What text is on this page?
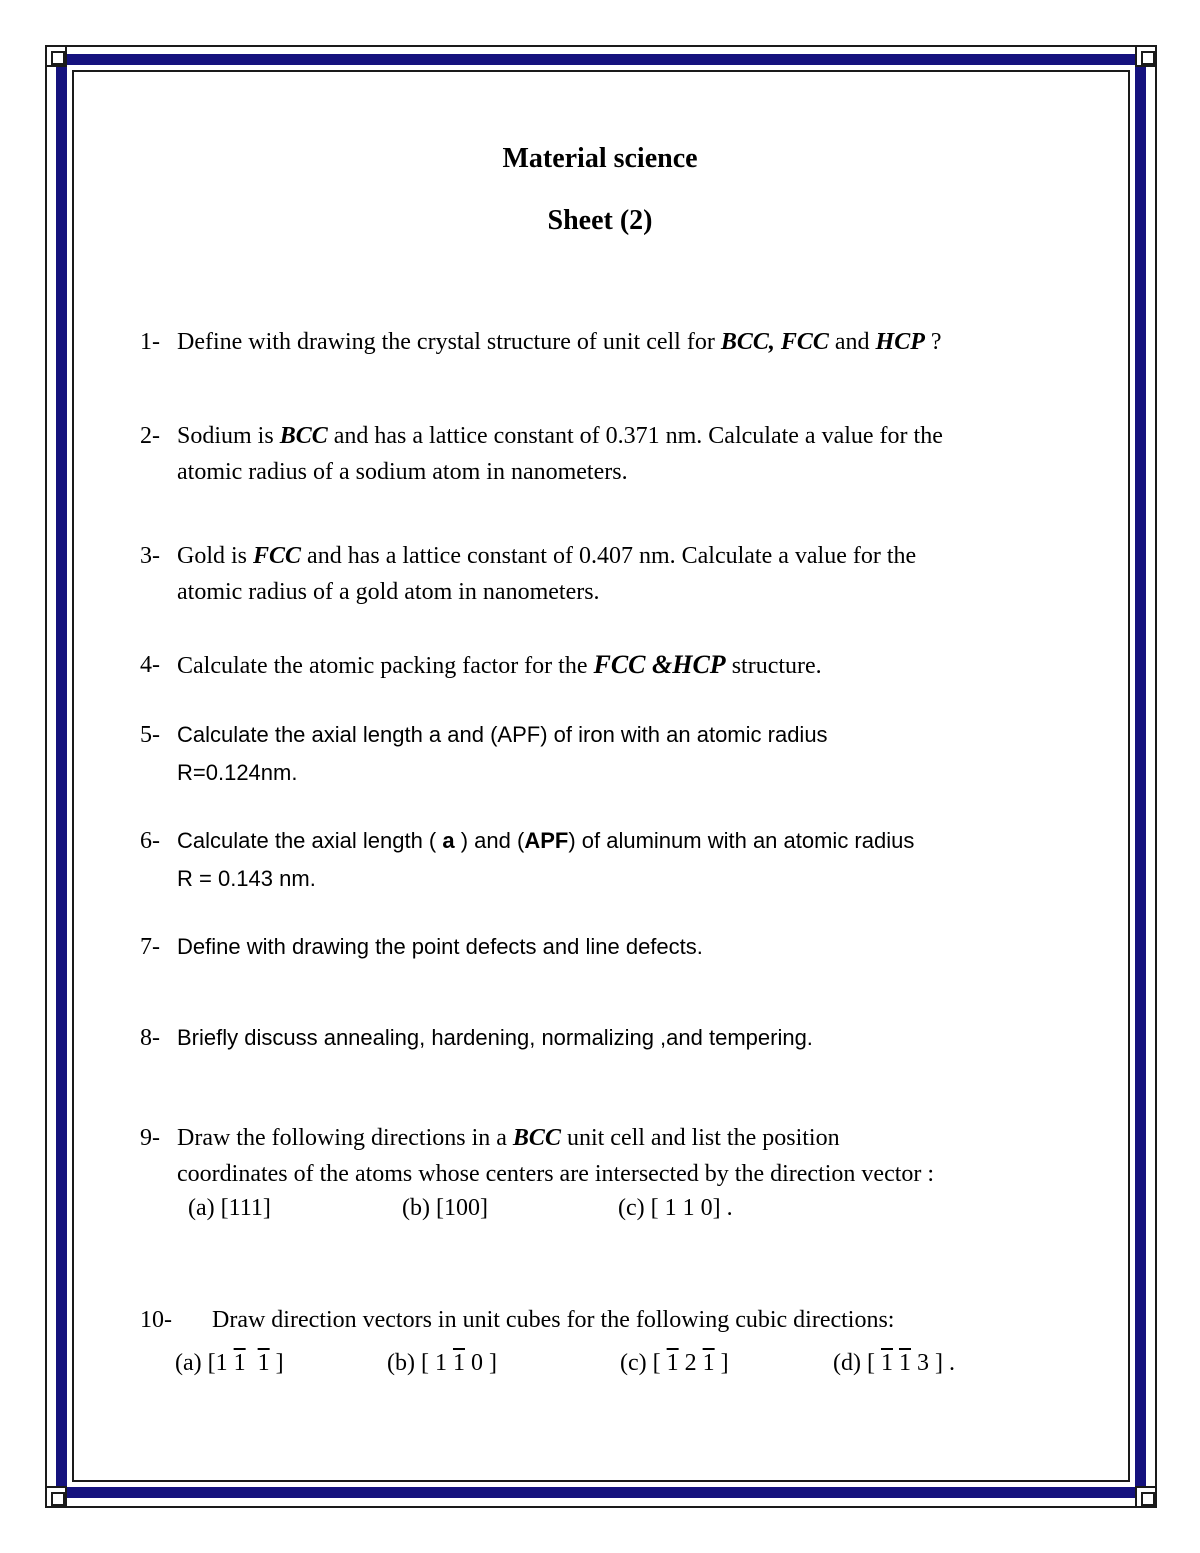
Material science
Sheet (2)
1- Define with drawing the crystal structure of unit cell for BCC, FCC and HCP ?
2- Sodium is BCC and has a lattice constant of 0.371 nm. Calculate a value for the
atomic radius of a sodium atom in nanometers.
3- Gold is FCC and has a lattice constant of 0.407 nm. Calculate a value for the
atomic radius of a gold atom in nanometers.
4- Calculate the atomic packing factor for the FCC &HCP structure.
5- Calculate the axial length a and (APF) of iron with an atomic radius
R=0.124nm.
6- Calculate the axial length ( a ) and (APF) of aluminum with an atomic radius
R = 0.143 nm.
7- Define with drawing the point defects and line defects.
8- Briefly discuss annealing, hardening, normalizing ,and tempering.
9- Draw the following directions in a BCC unit cell and list the position
coordinates of the atoms whose centers are intersected by the direction vector :
(a) [111]	(b) [100]	(c) [ 1 1 0] .
10- Draw direction vectors in unit cubes for the following cubic directions:
(a) [1 1 1 ]	(b) [ 1 1 0 ]	(c) [ 1 2 1 ]	(d) [ 1 1 3 ] .
